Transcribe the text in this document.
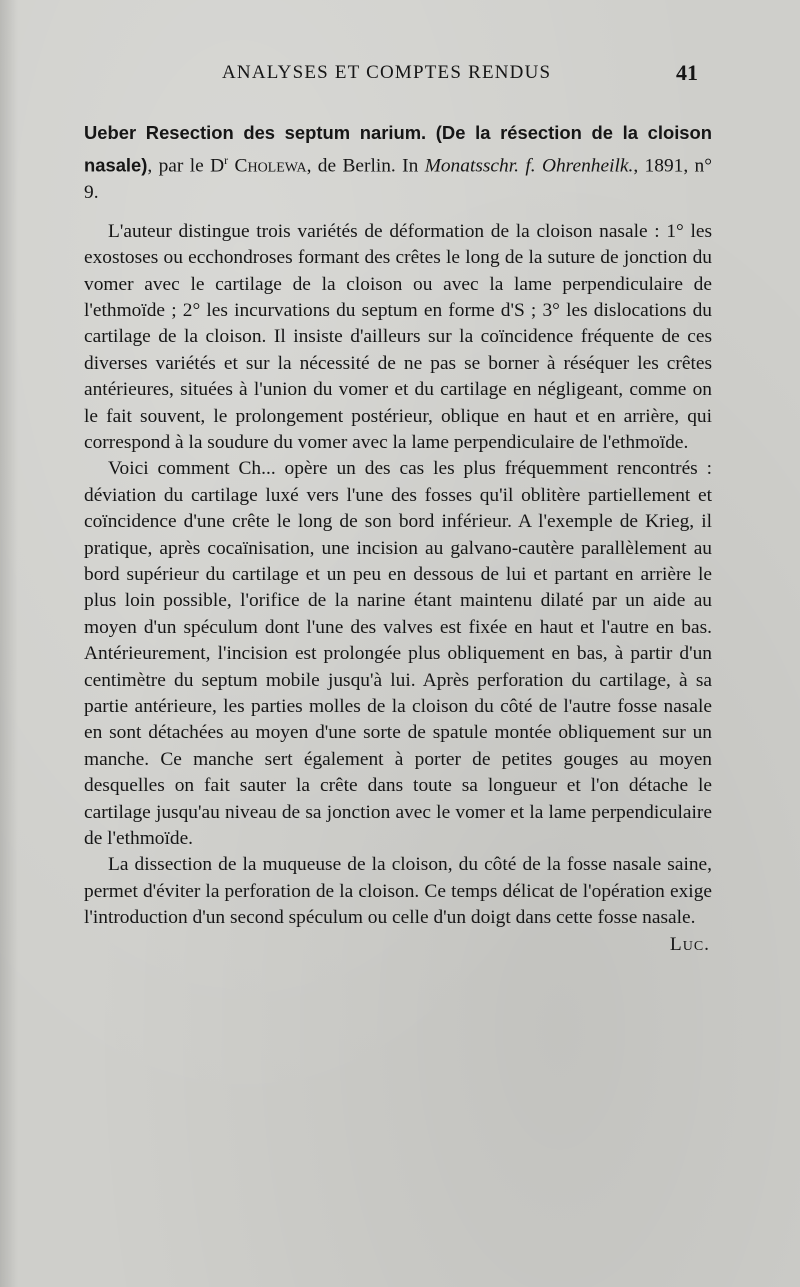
ANALYSES ET COMPTES RENDUS	41

Ueber Resection des septum narium. (De la résection de la cloison nasale), par le $D^r$ Cholewa, de Berlin. In Monatsschr. f. Ohrenheilk., 1891, n° 9.

L'auteur distingue trois variétés de déformation de la cloison nasale : 1° les exostoses ou ecchondroses formant des crêtes le long de la suture de jonction du vomer avec le cartilage de la cloison ou avec la lame perpendiculaire de l'ethmoïde ; 2° les incurvations du septum en forme d'S ; 3° les dislocations du cartilage de la cloison. Il insiste d'ailleurs sur la coïncidence fréquente de ces diverses variétés et sur la nécessité de ne pas se borner à réséquer les crêtes antérieures, situées à l'union du vomer et du cartilage en négligeant, comme on le fait souvent, le prolongement postérieur, oblique en haut et en arrière, qui correspond à la soudure du vomer avec la lame perpendiculaire de l'ethmoïde.

Voici comment Ch... opère un des cas les plus fréquemment rencontrés : déviation du cartilage luxé vers l'une des fosses qu'il oblitère partiellement et coïncidence d'une crête le long de son bord inférieur. A l'exemple de Krieg, il pratique, après cocaïnisation, une incision au galvano-cautère parallèlement au bord supérieur du cartilage et un peu en dessous de lui et partant en arrière le plus loin possible, l'orifice de la narine étant maintenu dilaté par un aide au moyen d'un spéculum dont l'une des valves est fixée en haut et l'autre en bas. Antérieurement, l'incision est prolongée plus obliquement en bas, à partir d'un centimètre du septum mobile jusqu'à lui. Après perforation du cartilage, à sa partie antérieure, les parties molles de la cloison du côté de l'autre fosse nasale en sont détachées au moyen d'une sorte de spatule montée obliquement sur un manche. Ce manche sert également à porter de petites gouges au moyen desquelles on fait sauter la crête dans toute sa longueur et l'on détache le cartilage jusqu'au niveau de sa jonction avec le vomer et la lame perpendiculaire de l'ethmoïde.

La dissection de la muqueuse de la cloison, du côté de la fosse nasale saine, permet d'éviter la perforation de la cloison. Ce temps délicat de l'opération exige l'introduction d'un second spéculum ou celle d'un doigt dans cette fosse nasale.

Luc.
